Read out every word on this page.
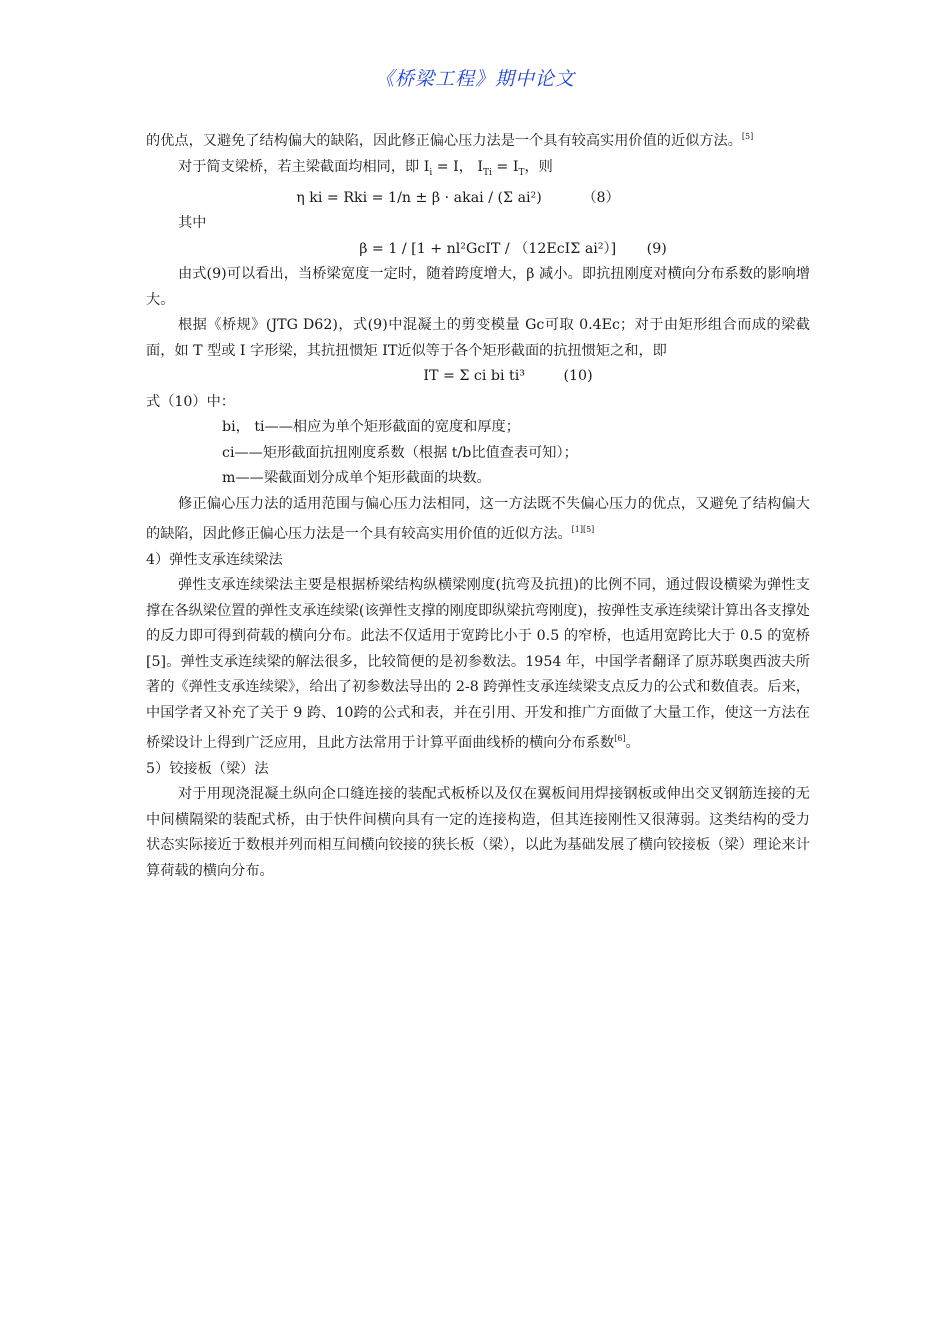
《桥梁工程》期中论文

的优点，又避免了结构偏大的缺陷，因此修正偏心压力法是一个具有较高实用价值的近似方法。[5]

对于简支梁桥，若主梁截面均相同，即 $I_i = I$， $I_{Ti} = I_T$，则

η ki = Rki = 1/n ± β · akai / (Σ ai²)	（8）

其中

β = 1 / [1 + nl²GcIT / （12EcIΣ ai²）] (9)

由式(9)可以看出，当桥梁宽度一定时，随着跨度增大，β 减小。即抗扭刚度对横向分布系数的影响增大。

根据《桥规》(JTG D62)，式(9)中混凝土的剪变模量 Gc可取 0.4Ec；对于由矩形组合而成的梁截面，如 T 型或 I 字形梁，其抗扭惯矩 IT近似等于各个矩形截面的抗扭惯矩之和，即

IT = Σ ci bi ti³	(10)

式（10）中：

bi， ti——相应为单个矩形截面的宽度和厚度；

ci——矩形截面抗扭刚度系数（根据 t/b比值查表可知）；

m——梁截面划分成单个矩形截面的块数。

修正偏心压力法的适用范围与偏心压力法相同，这一方法既不失偏心压力的优点，又避免了结构偏大的缺陷，因此修正偏心压力法是一个具有较高实用价值的近似方法。[1][5]

4）弹性支承连续梁法

弹性支承连续梁法主要是根据桥梁结构纵横梁刚度(抗弯及抗扭)的比例不同，通过假设横梁为弹性支撑在各纵梁位置的弹性支承连续梁(该弹性支撑的刚度即纵梁抗弯刚度)，按弹性支承连续梁计算出各支撑处的反力即可得到荷载的横向分布。此法不仅适用于宽跨比小于 0.5 的窄桥，也适用宽跨比大于 0.5 的宽桥[5]。弹性支承连续梁的解法很多，比较简便的是初参数法。1954 年，中国学者翻译了原苏联奥西波夫所著的《弹性支承连续梁》，给出了初参数法导出的 2-8 跨弹性支承连续梁支点反力的公式和数值表。后来，中国学者又补充了关于 9 跨、10跨的公式和表，并在引用、开发和推广方面做了大量工作，使这一方法在桥梁设计上得到广泛应用，且此方法常用于计算平面曲线桥的横向分布系数[6]。

5）铰接板（梁）法

对于用现浇混凝土纵向企口缝连接的装配式板桥以及仅在翼板间用焊接钢板或伸出交叉钢筋连接的无中间横隔梁的装配式桥，由于快件间横向具有一定的连接构造，但其连接刚性又很薄弱。这类结构的受力状态实际接近于数根并列而相互间横向铰接的狭长板（梁），以此为基础发展了横向铰接板（梁）理论来计算荷载的横向分布。
